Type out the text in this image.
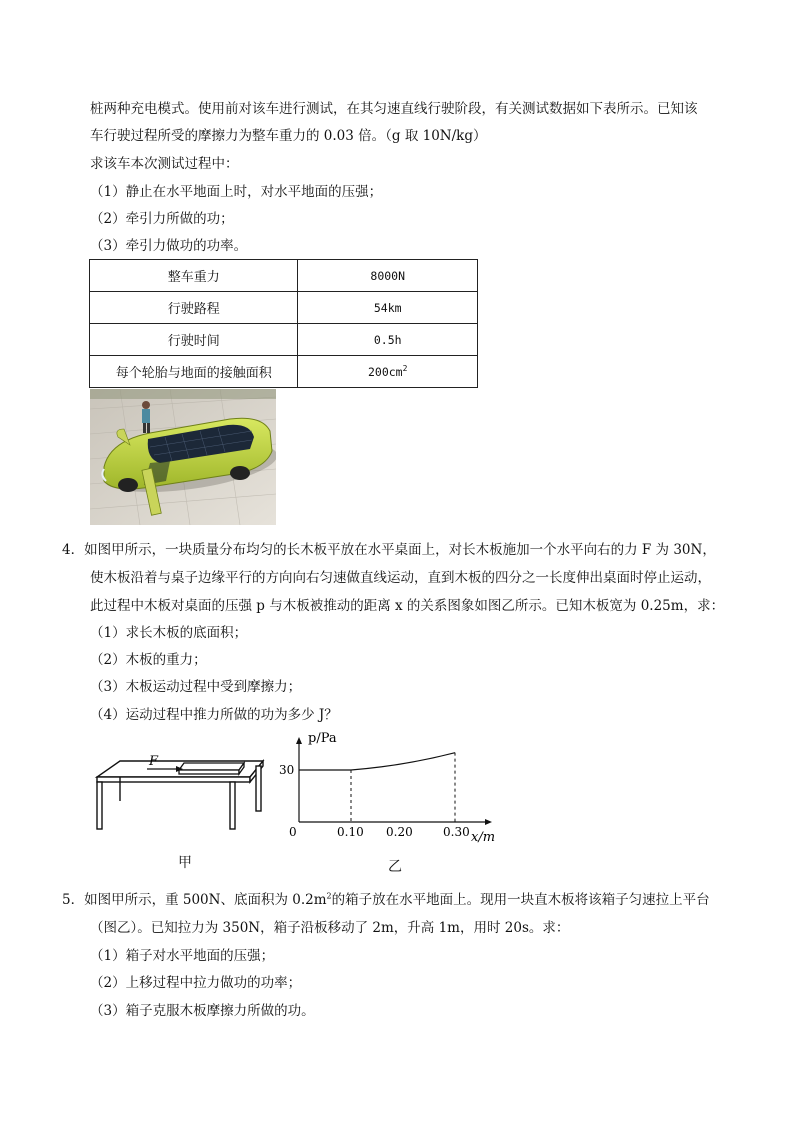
桩两种充电模式。使用前对该车进行测试，在其匀速直线行驶阶段，有关测试数据如下表所示。已知该
车行驶过程所受的摩擦力为整车重力的 0.03 倍。（g 取 10N/kg）
求该车本次测试过程中：
（1）静止在水平地面上时，对水平地面的压强；
（2）牵引力所做的功；
（3）牵引力做功的功率。
整车重力	8000N
行驶路程	54km
行驶时间	0.5h
每个轮胎与地面的接触面积	$200cm^2$
4．如图甲所示，一块质量分布均匀的长木板平放在水平桌面上，对长木板施加一个水平向右的力 F 为 30N，
使木板沿着与桌子边缘平行的方向向右匀速做直线运动，直到木板的四分之一长度伸出桌面时停止运动，
此过程中木板对桌面的压强 p 与木板被推动的距离 x 的关系图象如图乙所示。已知木板宽为 0.25m，求：
（1）求长木板的底面积；
（2）木板的重力；
（3）木板运动过程中受到摩擦力；
（4）运动过程中推力所做的功为多少 J？
F
甲
p/Pa
x/m
0
30
0.10 0.20	0.30
乙
5．如图甲所示，重 500N、底面积为 $0.2m^2$的箱子放在水平地面上。现用一块直木板将该箱子匀速拉上平台
（图乙）。已知拉力为 350N，箱子沿板移动了 2m，升高 1m，用时 20s。求：
（1）箱子对水平地面的压强；
（2）上移过程中拉力做功的功率；
（3）箱子克服木板摩擦力所做的功。
